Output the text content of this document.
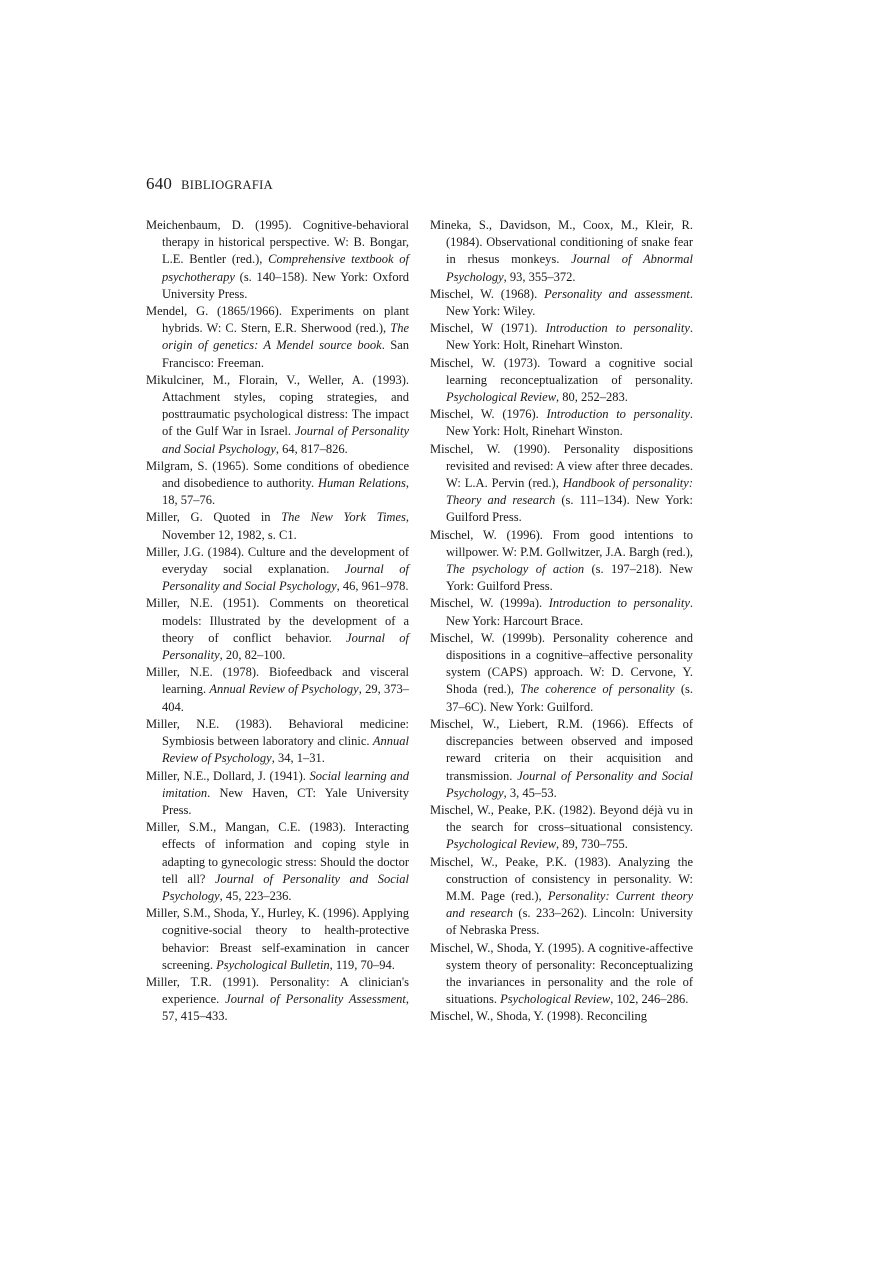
640 BIBLIOGRAFIA

Meichenbaum, D. (1995). Cognitive-behavioral therapy in historical perspective. W: B. Bongar, L.E. Bentler (red.), Comprehensive textbook of psychotherapy (s. 140–158). New York: Oxford University Press.

Mendel, G. (1865/1966). Experiments on plant hybrids. W: C. Stern, E.R. Sherwood (red.), The origin of genetics: A Mendel source book. San Francisco: Freeman.

Mikulciner, M., Florain, V., Weller, A. (1993). Attachment styles, coping strategies, and posttraumatic psychological distress: The impact of the Gulf War in Israel. Journal of Personality and Social Psychology, 64, 817–826.

Milgram, S. (1965). Some conditions of obedience and disobedience to authority. Human Relations, 18, 57–76.

Miller, G. Quoted in The New York Times, November 12, 1982, s. C1.

Miller, J.G. (1984). Culture and the development of everyday social explanation. Journal of Personality and Social Psychology, 46, 961–978.

Miller, N.E. (1951). Comments on theoretical models: Illustrated by the development of a theory of conflict behavior. Journal of Personality, 20, 82–100.

Miller, N.E. (1978). Biofeedback and visceral learning. Annual Review of Psychology, 29, 373–404.

Miller, N.E. (1983). Behavioral medicine: Symbiosis between laboratory and clinic. Annual Review of Psychology, 34, 1–31.

Miller, N.E., Dollard, J. (1941). Social learning and imitation. New Haven, CT: Yale University Press.

Miller, S.M., Mangan, C.E. (1983). Interacting effects of information and coping style in adapting to gynecologic stress: Should the doctor tell all? Journal of Personality and Social Psychology, 45, 223–236.

Miller, S.M., Shoda, Y., Hurley, K. (1996). Applying cognitive-social theory to health-protective behavior: Breast self-examination in cancer screening. Psychological Bulletin, 119, 70–94.

Miller, T.R. (1991). Personality: A clinician's experience. Journal of Personality Assessment, 57, 415–433.

Mineka, S., Davidson, M., Coox, M., Kleir, R. (1984). Observational conditioning of snake fear in rhesus monkeys. Journal of Abnormal Psychology, 93, 355–372.

Mischel, W. (1968). Personality and assessment. New York: Wiley.

Mischel, W (1971). Introduction to personality. New York: Holt, Rinehart Winston.

Mischel, W. (1973). Toward a cognitive social learning reconceptualization of personality. Psychological Review, 80, 252–283.

Mischel, W. (1976). Introduction to personality. New York: Holt, Rinehart Winston.

Mischel, W. (1990). Personality dispositions revisited and revised: A view after three decades. W: L.A. Pervin (red.), Handbook of personality: Theory and research (s. 111–134). New York: Guilford Press.

Mischel, W. (1996). From good intentions to willpower. W: P.M. Gollwitzer, J.A. Bargh (red.), The psychology of action (s. 197–218). New York: Guilford Press.

Mischel, W. (1999a). Introduction to personality. New York: Harcourt Brace.

Mischel, W. (1999b). Personality coherence and dispositions in a cognitive–affective personality system (CAPS) approach. W: D. Cervone, Y. Shoda (red.), The coherence of personality (s. 37–6C). New York: Guilford.

Mischel, W., Liebert, R.M. (1966). Effects of discrepancies between observed and imposed reward criteria on their acquisition and transmission. Journal of Personality and Social Psychology, 3, 45–53.

Mischel, W., Peake, P.K. (1982). Beyond déjà vu in the search for cross–situational consistency. Psychological Review, 89, 730–755.

Mischel, W., Peake, P.K. (1983). Analyzing the construction of consistency in personality. W: M.M. Page (red.), Personality: Current theory and research (s. 233–262). Lincoln: University of Nebraska Press.

Mischel, W., Shoda, Y. (1995). A cognitive-affective system theory of personality: Reconceptualizing the invariances in personality and the role of situations. Psychological Review, 102, 246–286.

Mischel, W., Shoda, Y. (1998). Reconciling
